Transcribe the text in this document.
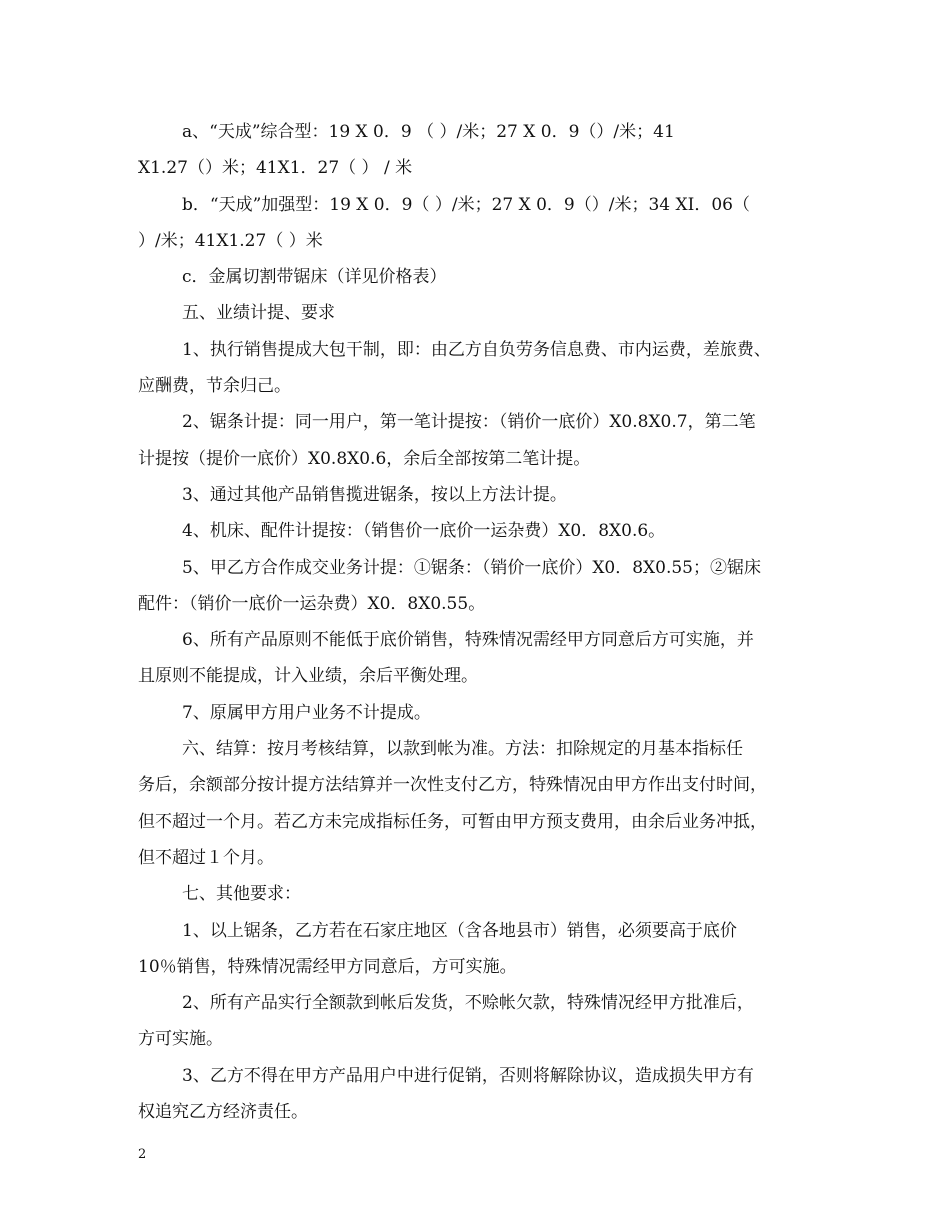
a、“天成”综合型：19 X 0．9 （ ）/米；27 X 0．9（）/米；41
X1.27（）米；41X1．27（ ） / 米
b．“天成”加强型：19 X 0．9（ ）/米；27 X 0．9（）/米；34 XI．06（
）/米；41X1.27（ ）米
c．金属切割带锯床（详见价格表）
五、业绩计提、要求
1、执行销售提成大包干制，即：由乙方自负劳务信息费、市内运费，差旅费、
应酬费，节余归己。
2、锯条计提：同一用户，第一笔计提按：（销价一底价）X0.8X0.7，第二笔
计提按（提价一底价）X0.8X0.6，余后全部按第二笔计提。
3、通过其他产品销售揽进锯条，按以上方法计提。
4、机床、配件计提按：（销售价一底价一运杂费）X0．8X0.6。
5、甲乙方合作成交业务计提：①锯条：（销价一底价）X0．8X0.55；②锯床
配件：（销价一底价一运杂费）X0．8X0.55。
6、所有产品原则不能低于底价销售，特殊情况需经甲方同意后方可实施，并
且原则不能提成，计入业绩，余后平衡处理。
7、原属甲方用户业务不计提成。
六、结算：按月考核结算，以款到帐为准。方法：扣除规定的月基本指标任
务后，余额部分按计提方法结算并一次性支付乙方，特殊情况由甲方作出支付时间，
但不超过一个月。若乙方未完成指标任务，可暂由甲方预支费用，由余后业务冲抵，
但不超过１个月。
七、其他要求：
1、以上锯条，乙方若在石家庄地区（含各地县市）销售，必须要高于底价
10％销售，特殊情况需经甲方同意后，方可实施。
2、所有产品实行全额款到帐后发货，不赊帐欠款，特殊情况经甲方批准后，
方可实施。
3、乙方不得在甲方产品用户中进行促销，否则将解除协议，造成损失甲方有
权追究乙方经济责任。
2
